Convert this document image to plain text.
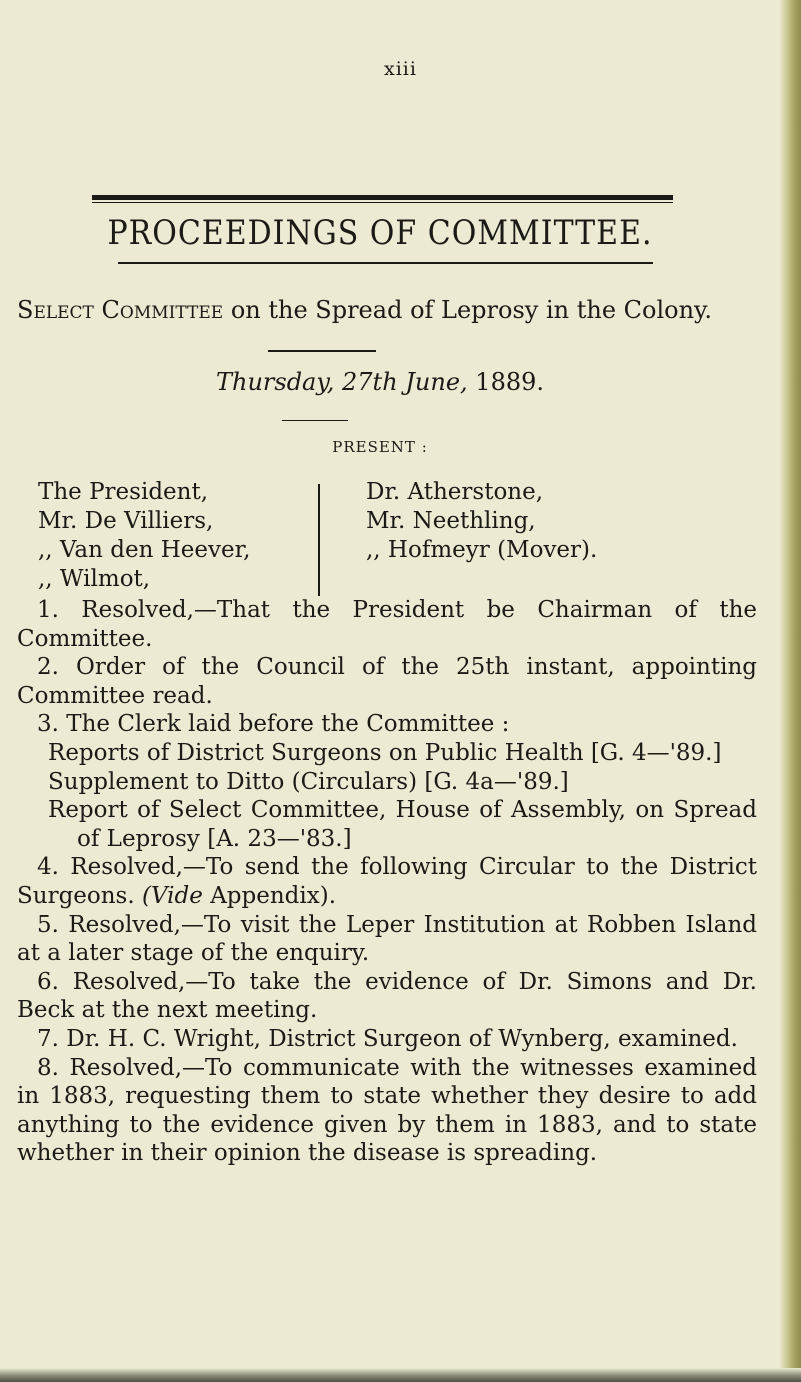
xiii
PROCEEDINGS OF COMMITTEE.
Select Committee on the Spread of Leprosy in the Colony.
Thursday, 27th June, 1889.
PRESENT :
The President,
Mr. De Villiers,
,, Van den Heever,
,, Wilmot,
Dr. Atherstone,
Mr. Neethling,
,, Hofmeyr (Mover).
1. Resolved,—That the President be Chairman of the Committee.
2. Order of the Council of the 25th instant, appointing Committee read.
3. The Clerk laid before the Committee :
Reports of District Surgeons on Public Health [G. 4—'89.]
Supplement to Ditto (Circulars) [G. 4a—'89.]
Report of Select Committee, House of Assembly, on Spread of Leprosy [A. 23—'83.]
4. Resolved,—To send the following Circular to the District Surgeons. (Vide Appendix).
5. Resolved,—To visit the Leper Institution at Robben Island at a later stage of the enquiry.
6. Resolved,—To take the evidence of Dr. Simons and Dr. Beck at the next meeting.
7. Dr. H. C. Wright, District Surgeon of Wynberg, examined.
8. Resolved,—To communicate with the witnesses examined in 1883, requesting them to state whether they desire to add anything to the evidence given by them in 1883, and to state whether in their opinion the disease is spreading.
